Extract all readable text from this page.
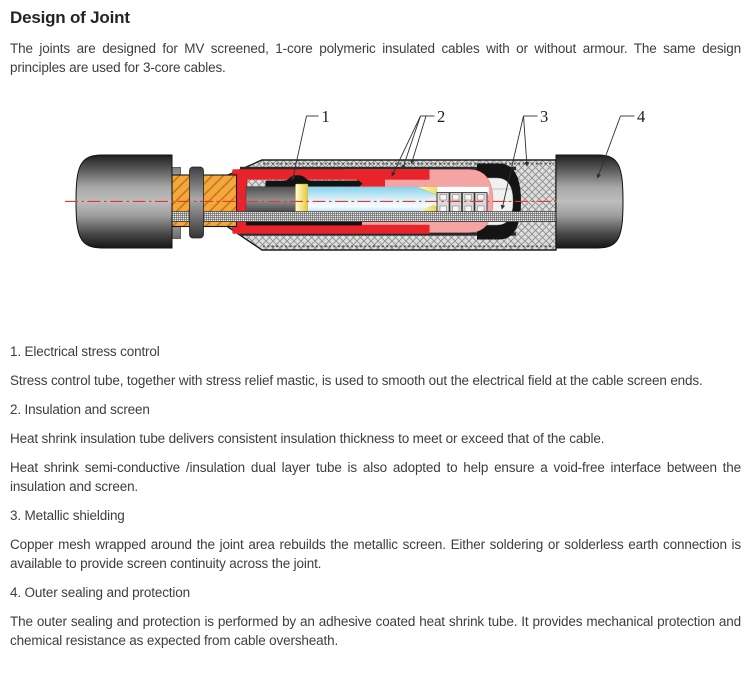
Design of Joint

The joints are designed for MV screened, 1-core polymeric insulated cables with or without armour. The same design principles are used for 3-core cables.

1	2	3	4

1. Electrical stress control

Stress control tube, together with stress relief mastic, is used to smooth out the electrical field at the cable screen ends.

2. Insulation and screen

Heat shrink insulation tube delivers consistent insulation thickness to meet or exceed that of the cable.

Heat shrink semi-conductive /insulation dual layer tube is also adopted to help ensure a void-free interface between the insulation and screen.

3. Metallic shielding

Copper mesh wrapped around the joint area rebuilds the metallic screen. Either soldering or solderless earth connection is available to provide screen continuity across the joint.

4. Outer sealing and protection

The outer sealing and protection is performed by an adhesive coated heat shrink tube. It provides mechanical protection and chemical resistance as expected from cable oversheath.
